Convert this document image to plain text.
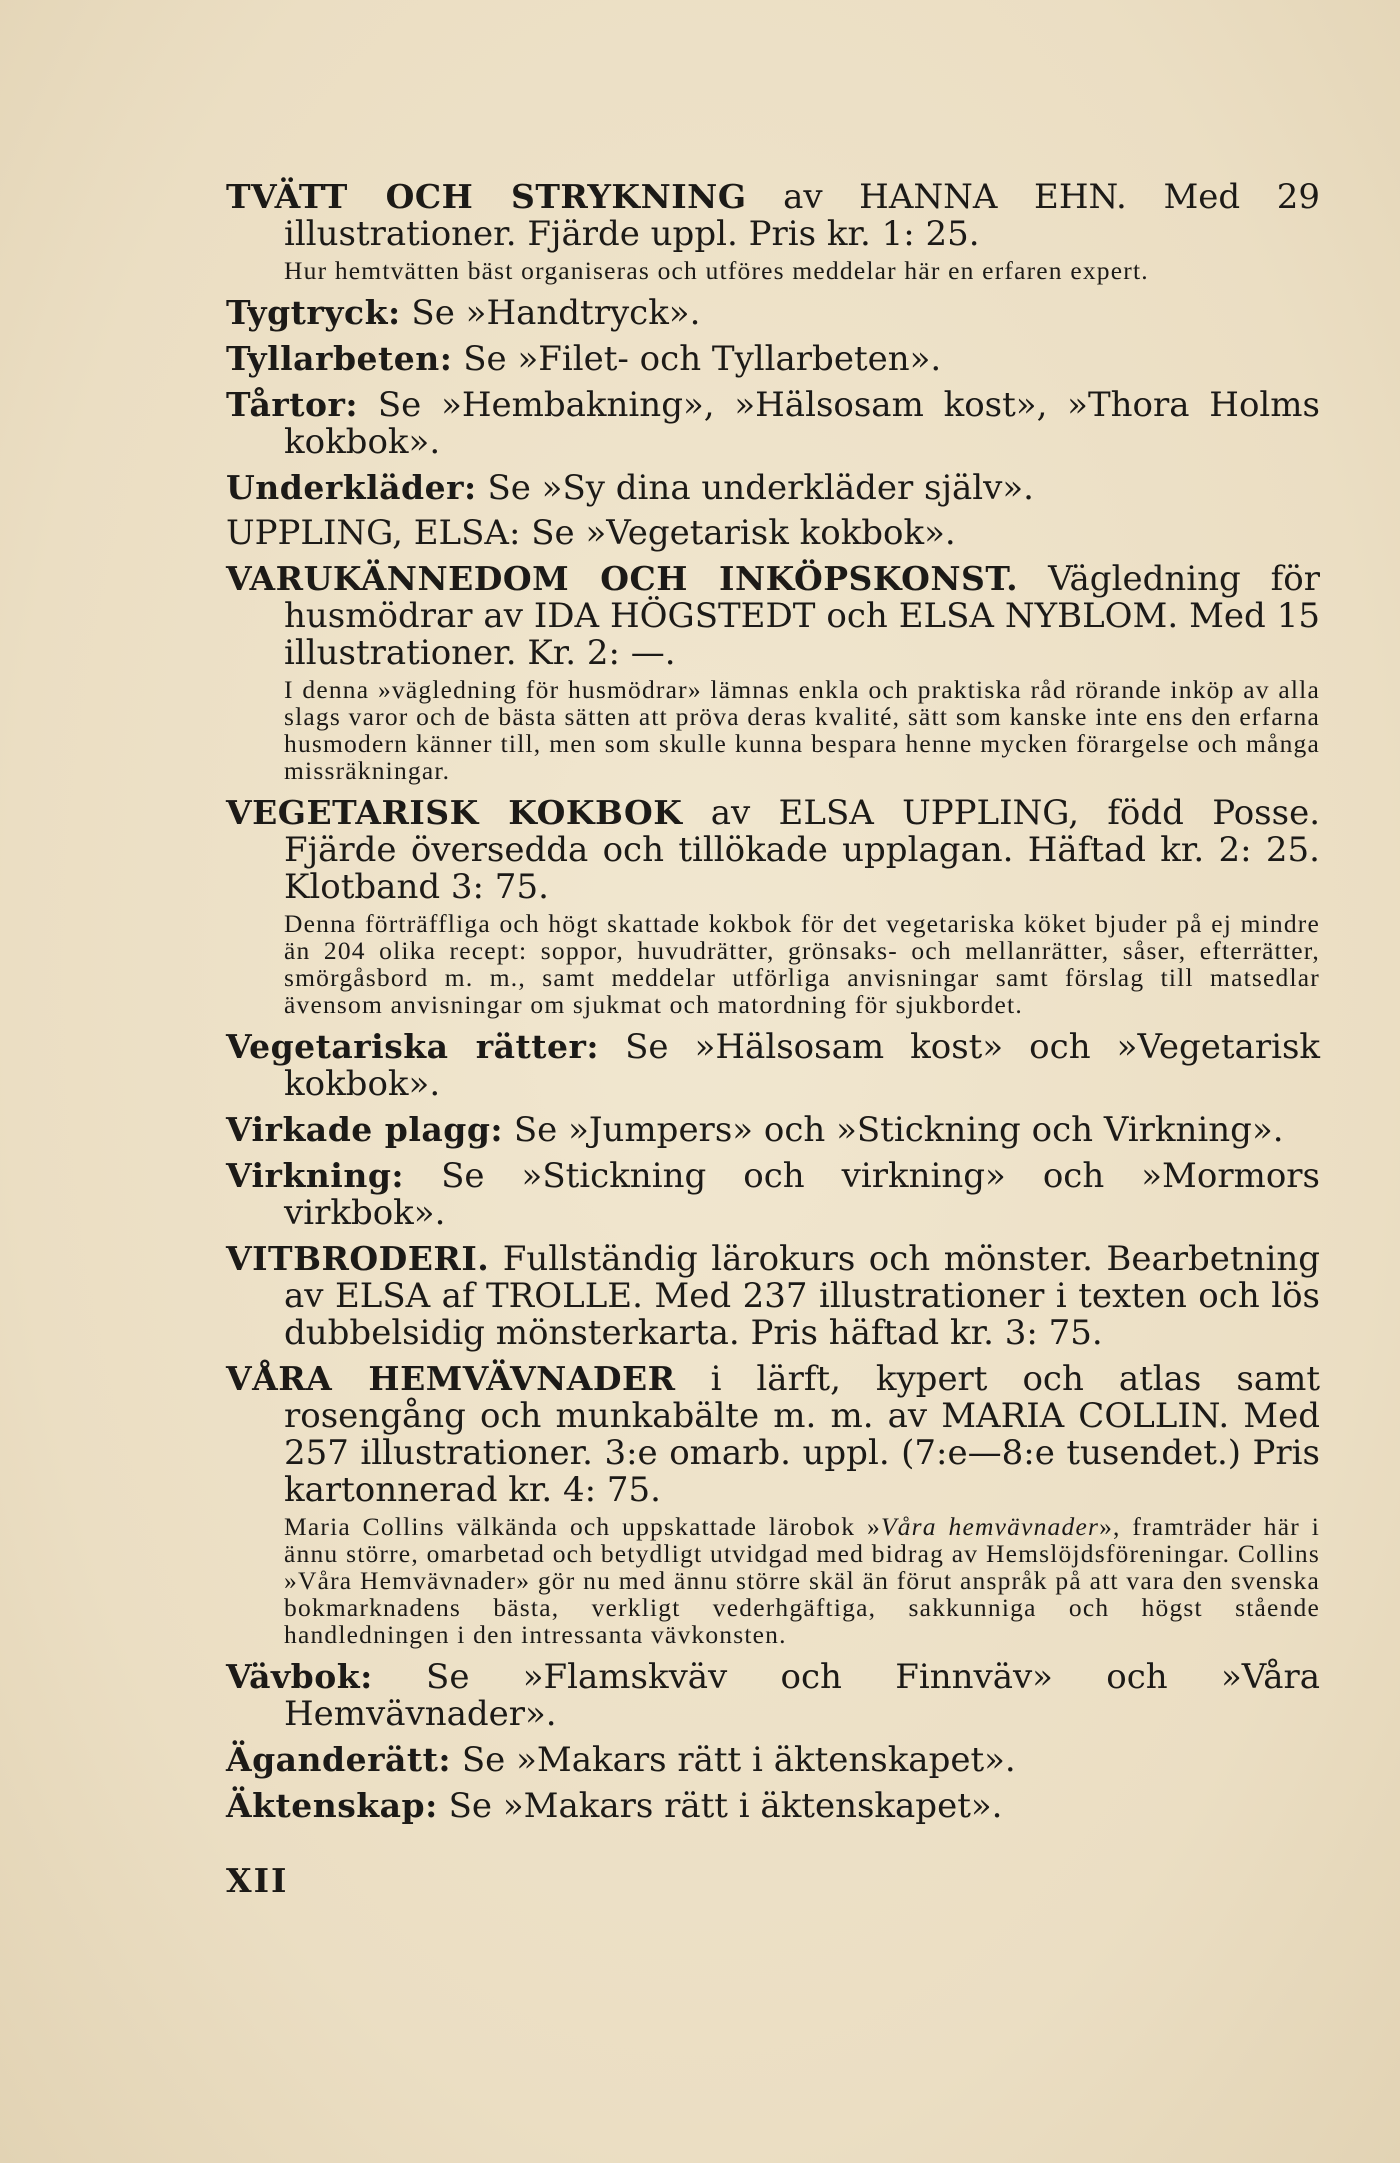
TVÄTT OCH STRYKNING av HANNA EHN. Med 29 illustrationer. Fjärde uppl. Pris kr. 1: 25.

Hur hemtvätten bäst organiseras och utföres meddelar här en erfaren expert.

Tygtryck: Se »Handtryck».

Tyllarbeten: Se »Filet- och Tyllarbeten».

Tårtor: Se »Hembakning», »Hälsosam kost», »Thora Holms kokbok».

Underkläder: Se »Sy dina underkläder själv».

UPPLING, ELSA: Se »Vegetarisk kokbok».

VARUKÄNNEDOM OCH INKÖPSKONST. Vägledning för husmödrar av IDA HÖGSTEDT och ELSA NYBLOM. Med 15 illustrationer. Kr. 2: —.

I denna »vägledning för husmödrar» lämnas enkla och praktiska råd rörande inköp av alla slags varor och de bästa sätten att pröva deras kvalité, sätt som kanske inte ens den erfarna husmodern känner till, men som skulle kunna bespara henne mycken förargelse och många missräkningar.

VEGETARISK KOKBOK av ELSA UPPLING, född Posse. Fjärde översedda och tillökade upplagan. Häftad kr. 2: 25. Klotband 3: 75.

Denna förträffliga och högt skattade kokbok för det vegetariska köket bjuder på ej mindre än 204 olika recept: soppor, huvudrätter, grönsaks- och mellanrätter, såser, efterrätter, smörgåsbord m. m., samt meddelar utförliga anvisningar samt förslag till matsedlar ävensom anvisningar om sjukmat och matordning för sjukbordet.

Vegetariska rätter: Se »Hälsosam kost» och »Vegetarisk kokbok».

Virkade plagg: Se »Jumpers» och »Stickning och Virkning».

Virkning: Se »Stickning och virkning» och »Mormors virkbok».

VITBRODERI. Fullständig lärokurs och mönster. Bearbetning av ELSA af TROLLE. Med 237 illustrationer i texten och lös dubbelsidig mönsterkarta. Pris häftad kr. 3: 75.

VÅRA HEMVÄVNADER i lärft, kypert och atlas samt rosengång och munkabälte m. m. av MARIA COLLIN. Med 257 illustrationer. 3:e omarb. uppl. (7:e—8:e tusendet.) Pris kartonnerad kr. 4: 75.

Maria Collins välkända och uppskattade lärobok »Våra hemvävnader», framträder här i ännu större, omarbetad och betydligt utvidgad med bidrag av Hemslöjdsföreningar. Collins »Våra Hemvävnader» gör nu med ännu större skäl än förut anspråk på att vara den svenska bokmarknadens bästa, verkligt vederhgäftiga, sakkunniga och högst stående handledningen i den intressanta vävkonsten.

Vävbok: Se »Flamskväv och Finnväv» och »Våra Hemvävnader».

Äganderätt: Se »Makars rätt i äktenskapet».

Äktenskap: Se »Makars rätt i äktenskapet».

XII
